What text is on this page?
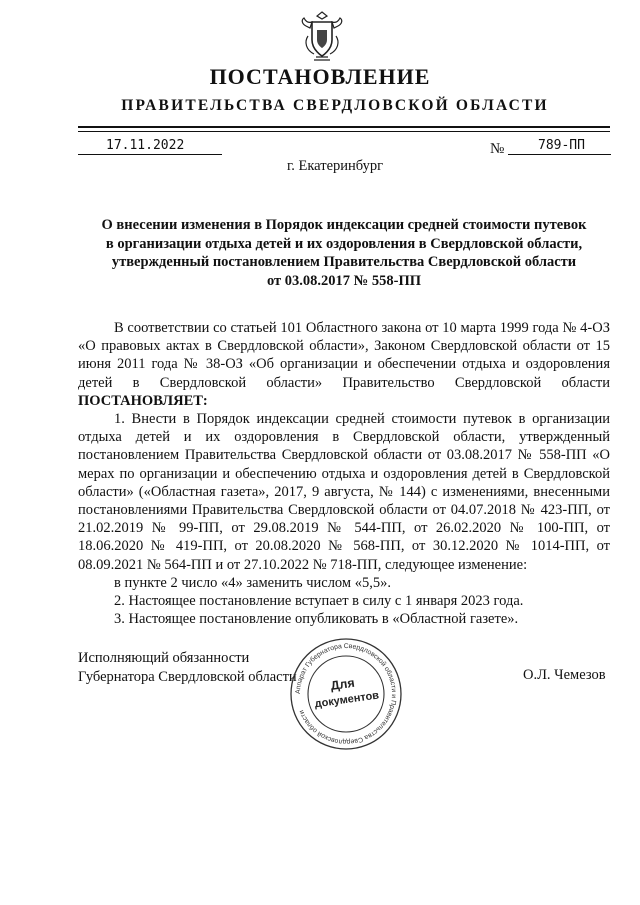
ПОСТАНОВЛЕНИЕ
ПРАВИТЕЛЬСТВА СВЕРДЛОВСКОЙ ОБЛАСТИ
17.11.2022	№	789-ПП
г. Екатеринбург
О внесении изменения в Порядок индексации средней стоимости путевок
в организации отдыха детей и их оздоровления в Свердловской области,
утвержденный постановлением Правительства Свердловской области
от 03.08.2017 № 558-ПП

В соответствии со статьей 101 Областного закона от 10 марта 1999 года № 4-ОЗ «О правовых актах в Свердловской области», Законом Свердловской области от 15 июня 2011 года № 38-ОЗ «Об организации и обеспечении отдыха и оздоровления детей в Свердловской области» Правительство Свердловской области

ПОСТАНОВЛЯЕТ:

1. Внести в Порядок индексации средней стоимости путевок в организации отдыха детей и их оздоровления в Свердловской области, утвержденный постановлением Правительства Свердловской области от 03.08.2017 № 558-ПП «О мерах по организации и обеспечению отдыха и оздоровления детей в Свердловской области» («Областная газета», 2017, 9 августа, № 144) с изменениями, внесенными постановлениями Правительства Свердловской области от 04.07.2018 № 423-ПП, от 21.02.2019 № 99-ПП, от 29.08.2019 № 544-ПП, от 26.02.2020 № 100-ПП, от 18.06.2020 № 419-ПП, от 20.08.2020 № 568-ПП, от 30.12.2020 № 1014-ПП, от 08.09.2021 № 564-ПП и от 27.10.2022 № 718-ПП, следующее изменение:

в пункте 2 число «4» заменить числом «5,5».

2. Настоящее постановление вступает в силу с 1 января 2023 года.

3. Настоящее постановление опубликовать в «Областной газете».

Исполняющий обязанности
Губернатора Свердловской области	О.Л. Чемезов
Аппарат Губернатора Свердловской области и Правительства Свердловской области
Для
документов
